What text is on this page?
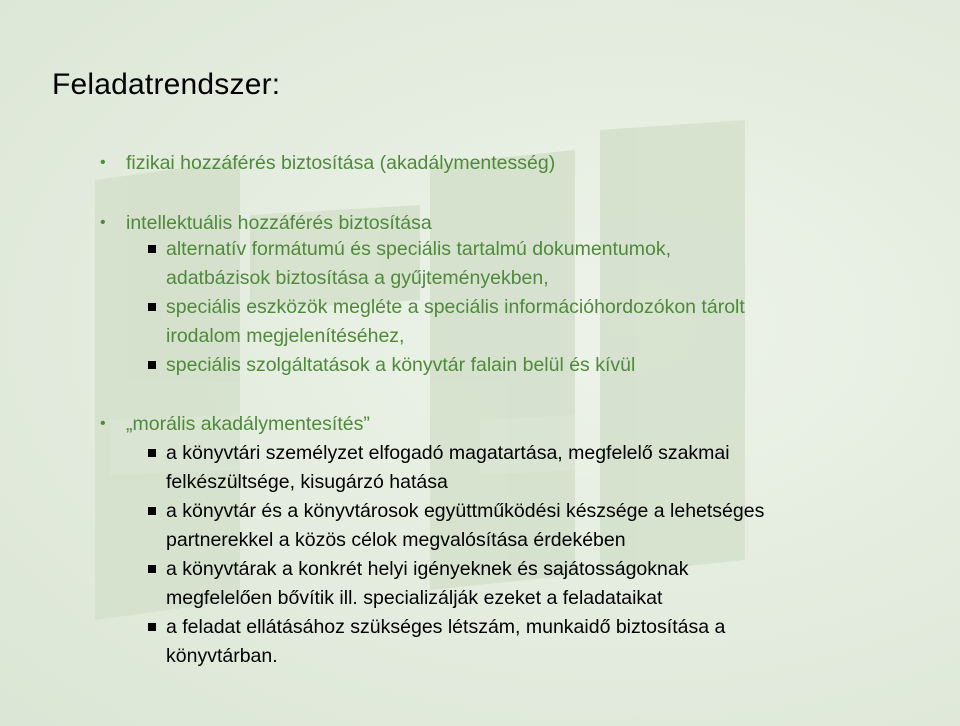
Feladatrendszer:
• fizikai hozzáférés biztosítása (akadálymentesség)
• intellektuális hozzáférés biztosítása
alternatív formátumú és speciális tartalmú dokumentumok,
adatbázisok biztosítása a gyűjteményekben,
speciális eszközök megléte a speciális információhordozókon tárolt
irodalom megjelenítéséhez,
speciális szolgáltatások a könyvtár falain belül és kívül
• „morális akadálymentesítés”
a könyvtári személyzet elfogadó magatartása, megfelelő szakmai
felkészültsége, kisugárzó hatása
a könyvtár és a könyvtárosok együttműködési készsége a lehetséges
partnerekkel a közös célok megvalósítása érdekében
a könyvtárak a konkrét helyi igényeknek és sajátosságoknak
megfelelően bővítik ill. specializálják ezeket a feladataikat
a feladat ellátásához szükséges létszám, munkaidő biztosítása a
könyvtárban.
